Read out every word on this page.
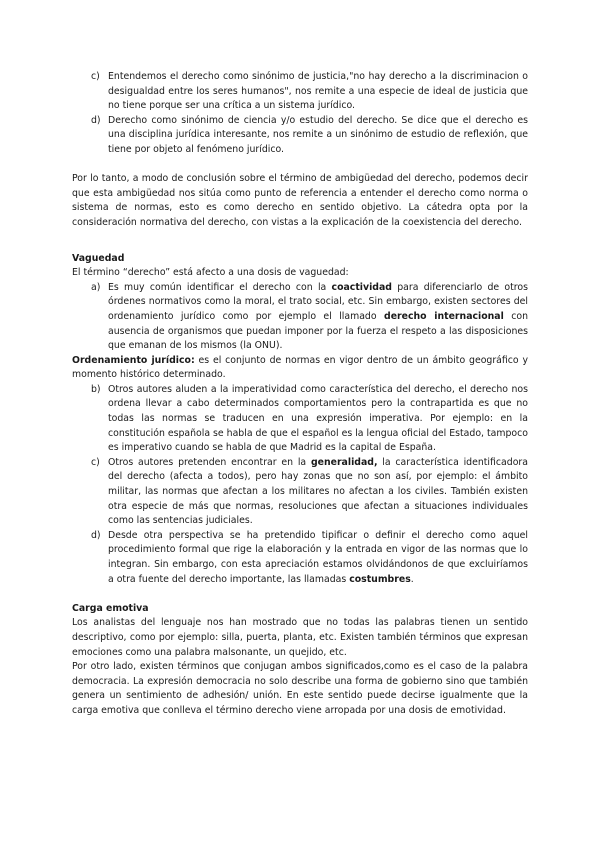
c) Entendemos el derecho como sinónimo de justicia,"no hay derecho a la discriminacion o desigualdad entre los seres humanos", nos remite a una especie de ideal de justicia que no tiene porque ser una crítica a un sistema jurídico.
d) Derecho como sinónimo de ciencia y/o estudio del derecho. Se dice que el derecho es una disciplina jurídica interesante, nos remite a un sinónimo de estudio de reflexión, que tiene por objeto al fenómeno jurídico.

Por lo tanto, a modo de conclusión sobre el término de ambigüedad del derecho, podemos decir que esta ambigüedad nos sitúa como punto de referencia a entender el derecho como norma o sistema de normas, esto es como derecho en sentido objetivo. La cátedra opta por la consideración normativa del derecho, con vistas a la explicación de la coexistencia del derecho.

Vaguedad

El término “derecho” está afecto a una dosis de vaguedad:

a) Es muy común identificar el derecho con la coactividad para diferenciarlo de otros órdenes normativos como la moral, el trato social, etc. Sin embargo, existen sectores del ordenamiento jurídico como por ejemplo el llamado derecho internacional con ausencia de organismos que puedan imponer por la fuerza el respeto a las disposiciones que emanan de los mismos (la ONU).

Ordenamiento jurídico: es el conjunto de normas en vigor dentro de un ámbito geográfico y momento histórico determinado.

b) Otros autores aluden a la imperatividad como característica del derecho, el derecho nos ordena llevar a cabo determinados comportamientos pero la contrapartida es que no todas las normas se traducen en una expresión imperativa. Por ejemplo: en la constitución española se habla de que el español es la lengua oficial del Estado, tampoco es imperativo cuando se habla de que Madrid es la capital de España.
c) Otros autores pretenden encontrar en la generalidad, la característica identificadora del derecho (afecta a todos), pero hay zonas que no son así, por ejemplo: el ámbito militar, las normas que afectan a los militares no afectan a los civiles. También existen otra especie de más que normas, resoluciones que afectan a situaciones individuales como las sentencias judiciales.
d) Desde otra perspectiva se ha pretendido tipificar o definir el derecho como aquel procedimiento formal que rige la elaboración y la entrada en vigor de las normas que lo integran. Sin embargo, con esta apreciación estamos olvidándonos de que excluiríamos a otra fuente del derecho importante, las llamadas costumbres.

Carga emotiva

Los analistas del lenguaje nos han mostrado que no todas las palabras tienen un sentido descriptivo, como por ejemplo: silla, puerta, planta, etc. Existen también términos que expresan emociones como una palabra malsonante, un quejido, etc.

Por otro lado, existen términos que conjugan ambos significados,como es el caso de la palabra democracia. La expresión democracia no solo describe una forma de gobierno sino que también genera un sentimiento de adhesión/ unión. En este sentido puede decirse igualmente que la carga emotiva que conlleva el término derecho viene arropada por una dosis de emotividad.
